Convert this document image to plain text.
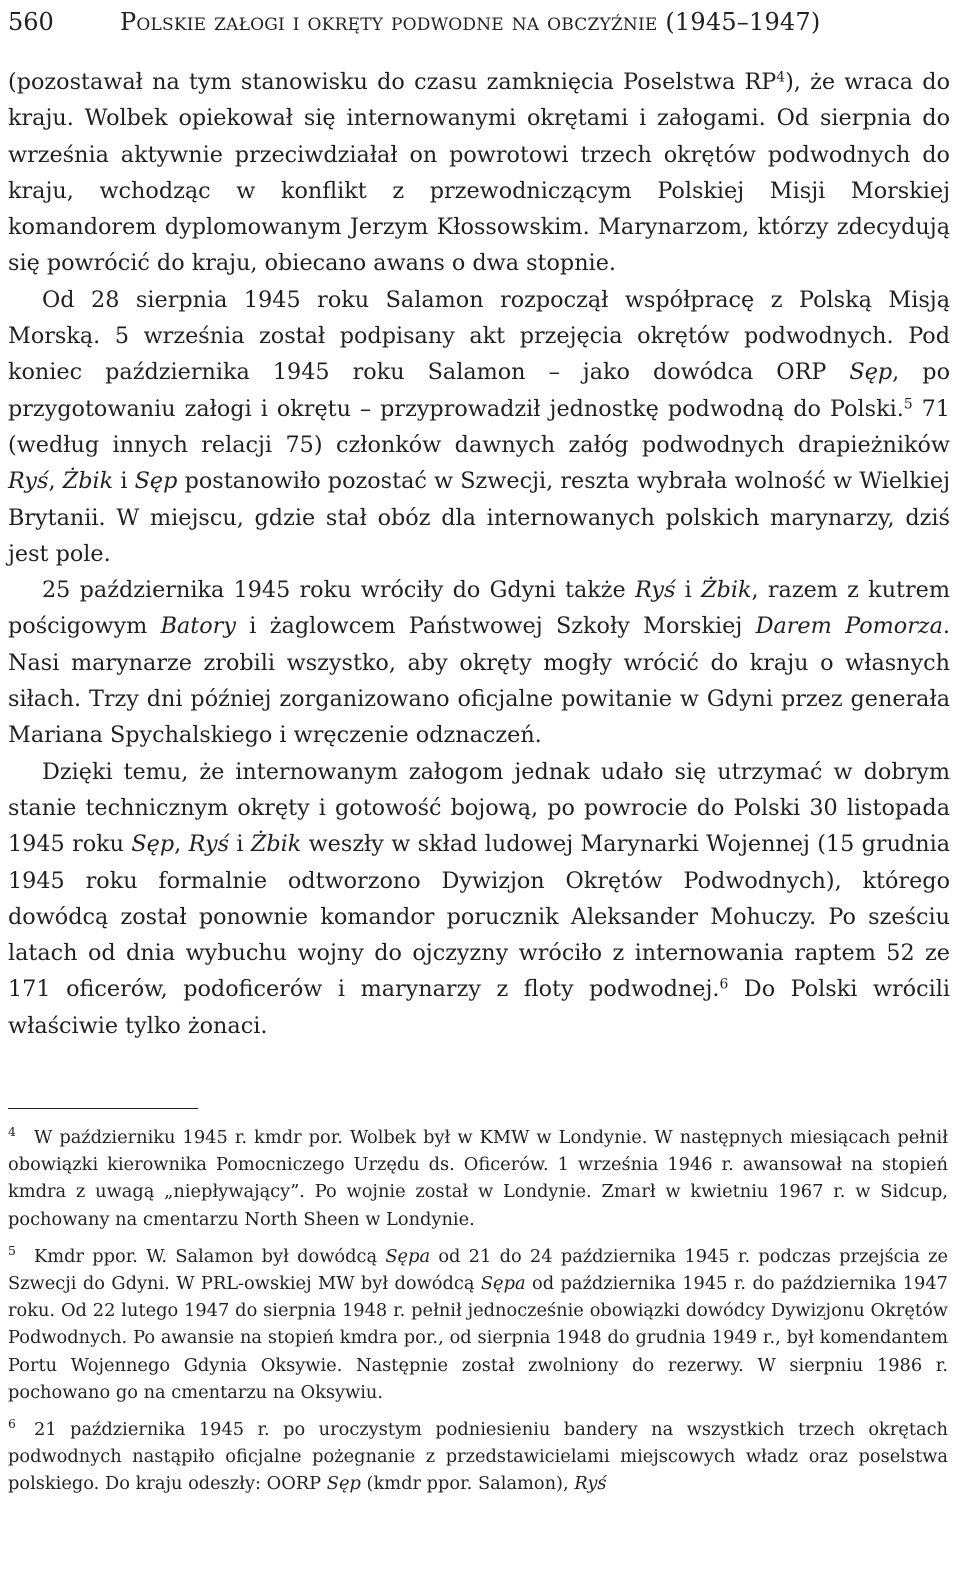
560	Polskie załogi i okręty podwodne na obczyźnie (1945–1947)

(pozostawał na tym stanowisku do czasu zamknięcia Poselstwa $RP^4$), że wraca do kraju. Wolbek opiekował się internowanymi okrętami i załogami. Od sierpnia do września aktywnie przeciwdziałał on powrotowi trzech okrętów podwodnych do kraju, wchodząc w konflikt z przewodniczącym Polskiej Misji Morskiej komandorem dyplomowanym Jerzym Kłossowskim. Marynarzom, którzy zdecydują się powrócić do kraju, obiecano awans o dwa stopnie.

Od 28 sierpnia 1945 roku Salamon rozpoczął współpracę z Polską Misją Morską. 5 września został podpisany akt przejęcia okrętów podwodnych. Pod koniec października 1945 roku Salamon – jako dowódca ORP Sęp, po przygotowaniu załogi i okrętu – przyprowadził jednostkę podwodną do Polski.$^5$ 71 (według innych relacji 75) członków dawnych załóg podwodnych drapieżników Ryś, Żbik i Sęp postanowiło pozostać w Szwecji, reszta wybrała wolność w Wielkiej Brytanii. W miejscu, gdzie stał obóz dla internowanych polskich marynarzy, dziś jest pole.

25 października 1945 roku wróciły do Gdyni także Ryś i Żbik, razem z kutrem pościgowym Batory i żaglowcem Państwowej Szkoły Morskiej Darem Pomorza. Nasi marynarze zrobili wszystko, aby okręty mogły wrócić do kraju o własnych siłach. Trzy dni później zorganizowano oficjalne powitanie w Gdyni przez generała Mariana Spychalskiego i wręczenie odznaczeń.

Dzięki temu, że internowanym załogom jednak udało się utrzymać w dobrym stanie technicznym okręty i gotowość bojową, po powrocie do Polski 30 listopada 1945 roku Sęp, Ryś i Żbik weszły w skład ludowej Marynarki Wojennej (15 grudnia 1945 roku formalnie odtworzono Dywizjon Okrętów Podwodnych), którego dowódcą został ponownie komandor porucznik Aleksander Mohuczy. Po sześciu latach od dnia wybuchu wojny do ojczyzny wróciło z internowania raptem 52 ze 171 oficerów, podoficerów i marynarzy z floty podwodnej.$^6$ Do Polski wrócili właściwie tylko żonaci.

4 W październiku 1945 r. kmdr por. Wolbek był w KMW w Londynie. W następnych miesiącach pełnił obowiązki kierownika Pomocniczego Urzędu ds. Oficerów. 1 września 1946 r. awansował na stopień kmdra z uwagą „niepływający”. Po wojnie został w Londynie. Zmarł w kwietniu 1967 r. w Sidcup, pochowany na cmentarzu North Sheen w Londynie.

5 Kmdr ppor. W. Salamon był dowódcą Sępa od 21 do 24 października 1945 r. podczas przejścia ze Szwecji do Gdyni. W PRL-owskiej MW był dowódcą Sępa od października 1945 r. do października 1947 roku. Od 22 lutego 1947 do sierpnia 1948 r. pełnił jednocześnie obowiązki dowódcy Dywizjonu Okrętów Podwodnych. Po awansie na stopień kmdra por., od sierpnia 1948 do grudnia 1949 r., był komendantem Portu Wojennego Gdynia Oksywie. Następnie został zwolniony do rezerwy. W sierpniu 1986 r. pochowano go na cmentarzu na Oksywiu.

6 21 października 1945 r. po uroczystym podniesieniu bandery na wszystkich trzech okrętach podwodnych nastąpiło oficjalne pożegnanie z przedstawicielami miejscowych władz oraz poselstwa polskiego. Do kraju odeszły: OORP Sęp (kmdr ppor. Salamon), Ryś
